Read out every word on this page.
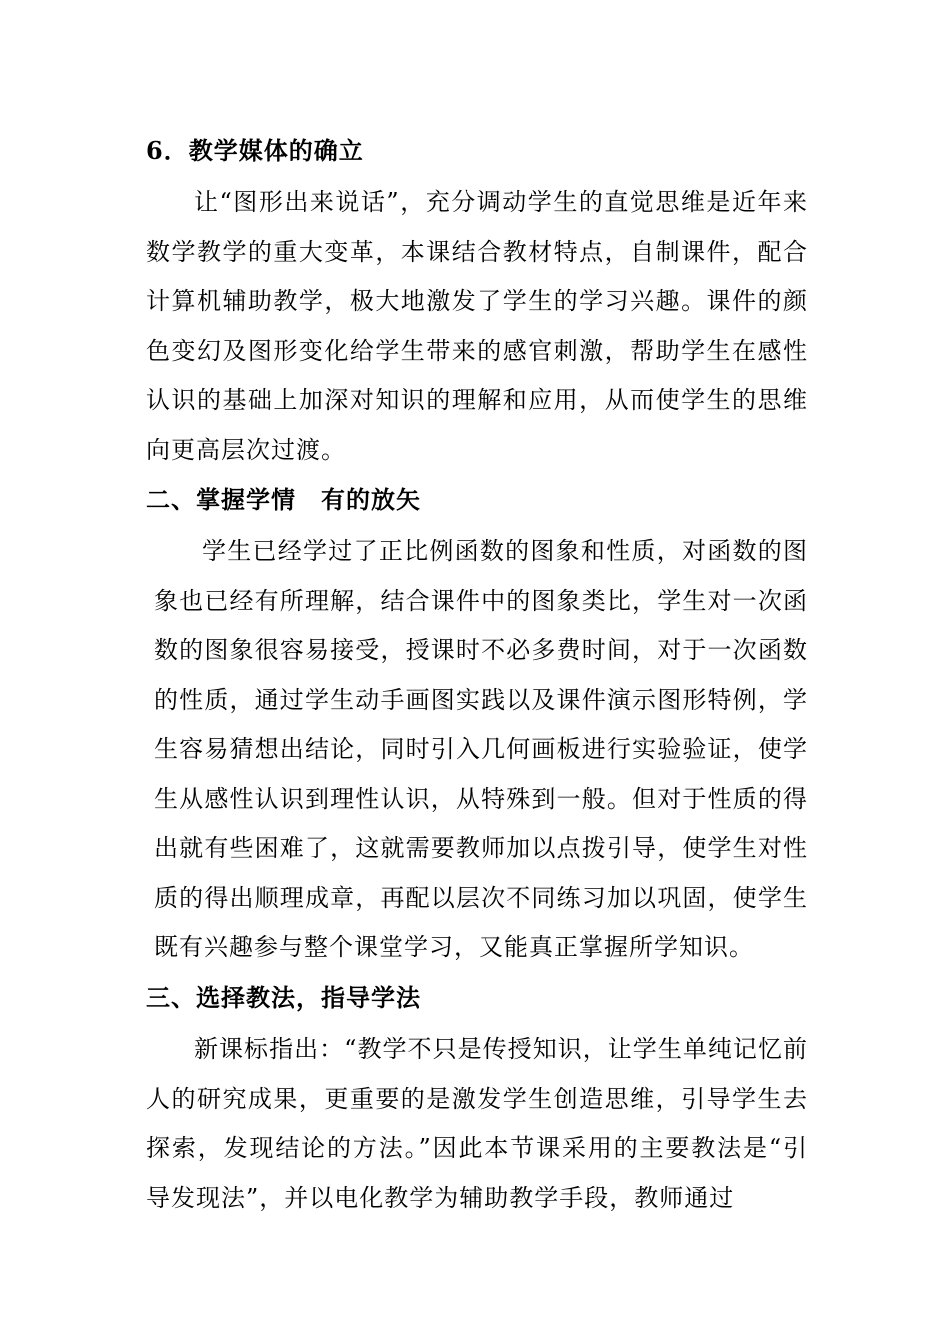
6．教学媒体的确立
让“图形出来说话”，充分调动学生的直觉思维是近年来数学教学的重大变革，本课结合教材特点，自制课件，配合计算机辅助教学，极大地激发了学生的学习兴趣。课件的颜色变幻及图形变化给学生带来的感官刺激，帮助学生在感性认识的基础上加深对知识的理解和应用，从而使学生的思维向更高层次过渡。
二、掌握学情　有的放矢
学生已经学过了正比例函数的图象和性质，对函数的图象也已经有所理解，结合课件中的图象类比，学生对一次函数的图象很容易接受，授课时不必多费时间，对于一次函数的性质，通过学生动手画图实践以及课件演示图形特例，学生容易猜想出结论，同时引入几何画板进行实验验证，使学生从感性认识到理性认识，从特殊到一般。但对于性质的得出就有些困难了，这就需要教师加以点拨引导，使学生对性质的得出顺理成章，再配以层次不同练习加以巩固，使学生既有兴趣参与整个课堂学习，又能真正掌握所学知识。
三、选择教法，指导学法
新课标指出：“教学不只是传授知识，让学生单纯记忆前人的研究成果，更重要的是激发学生创造思维，引导学生去探索，发现结论的方法。”因此本节课采用的主要教法是“引导发现法”，并以电化教学为辅助教学手段，教师通过
